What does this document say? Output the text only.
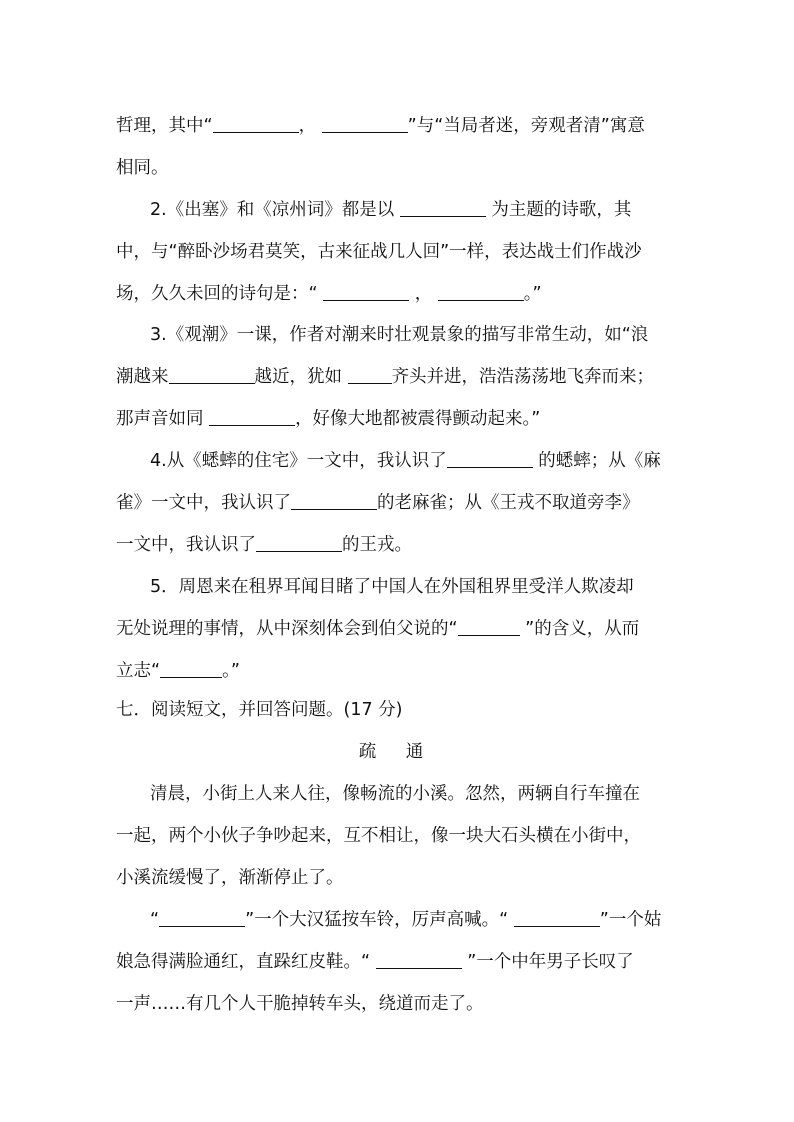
哲理，其中“	，	”与“当局者迷，旁观者清”寓意
相同。
2.《出塞》和《凉州词》都是以	为主题的诗歌，其
中，与“醉卧沙场君莫笑，古来征战几人回”一样，表达战士们作战沙
场，久久未回的诗句是：“	，	。”
3.《观潮》一课，作者对潮来时壮观景象的描写非常生动，如“浪
潮越来	越近，犹如	齐头并进，浩浩荡荡地飞奔而来；
那声音如同	，好像大地都被震得颤动起来。”
4.从《蟋蟀的住宅》一文中，我认识了	的蟋蟀；从《麻
雀》一文中，我认识了	的老麻雀；从《王戎不取道旁李》
一文中，我认识了	的王戎。
5．周恩来在租界耳闻目睹了中国人在外国租界里受洋人欺凌却
无处说理的事情，从中深刻体会到伯父说的“	”的含义，从而
立志“	。”
七．阅读短文，并回答问题。(17 分)
疏 通
清晨，小街上人来人往，像畅流的小溪。忽然，两辆自行车撞在
一起，两个小伙子争吵起来，互不相让，像一块大石头横在小街中，
小溪流缓慢了，渐渐停止了。
“	”一个大汉猛按车铃，厉声高喊。“	”一个姑
娘急得满脸通红，直跺红皮鞋。“	”一个中年男子长叹了
一声……有几个人干脆掉转车头，绕道而走了。
